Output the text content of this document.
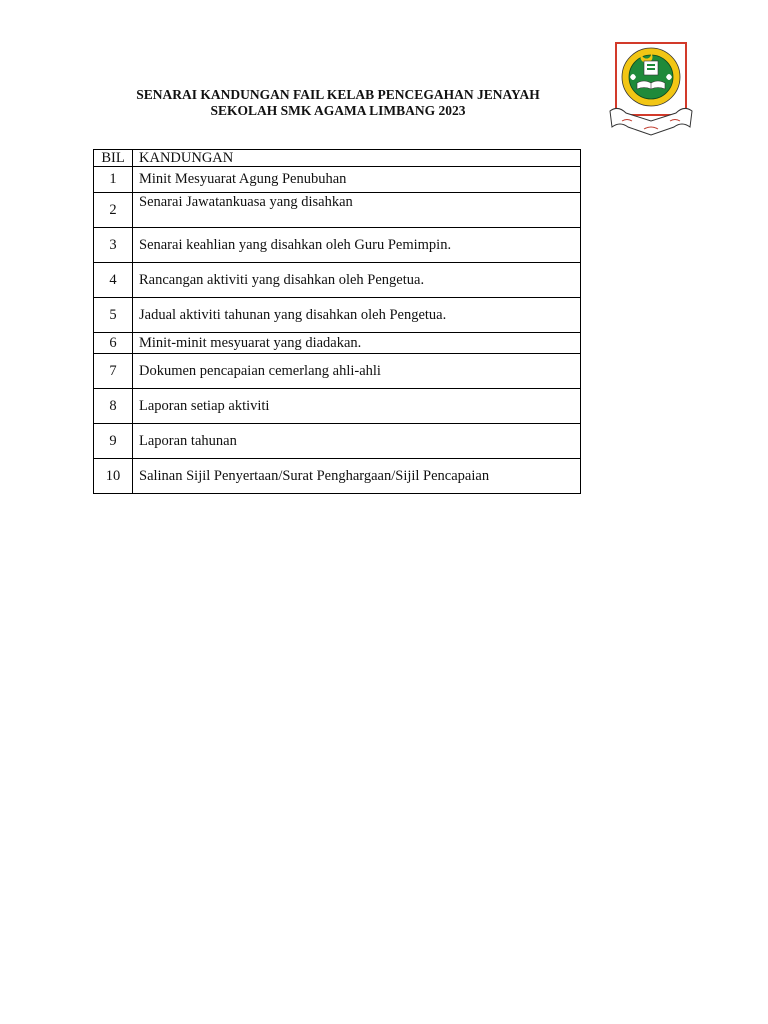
SENARAI KANDUNGAN FAIL KELAB PENCEGAHAN JENAYAH
SEKOLAH SMK AGAMA LIMBANG 2023
BIL	KANDUNGAN
1	Minit Mesyuarat Agung Penubuhan
2	Senarai Jawatankuasa yang disahkan
3	Senarai keahlian yang disahkan oleh Guru Pemimpin.
4	Rancangan aktiviti yang disahkan oleh Pengetua.
5	Jadual aktiviti tahunan yang disahkan oleh Pengetua.
6	Minit-minit mesyuarat yang diadakan.
7	Dokumen pencapaian cemerlang ahli-ahli
8	Laporan setiap aktiviti
9	Laporan tahunan
10	Salinan Sijil Penyertaan/Surat Penghargaan/Sijil Pencapaian
